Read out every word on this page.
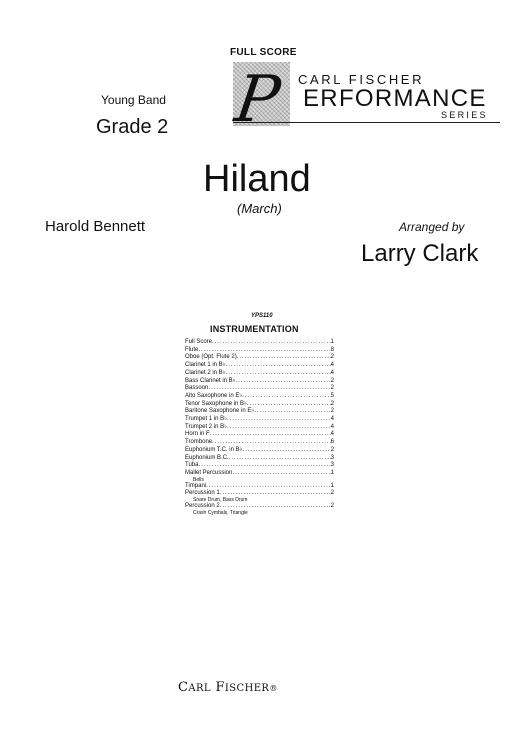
FULL SCORE
P CARL FISCHER
ERFORMANCE
SERIES
Young Band
Grade 2
Hiland
(March)
Harold Bennett	Arranged by
Larry Clark
YPS110
INSTRUMENTATION
Full Score .....	1
Flute .....	8
Oboe (Opt. Flute 2) .....	2
Clarinet 1 in B♭ .....	4
Clarinet 2 in B♭ .....	4
Bass Clarinet in B♭ .....	2
Bassoon .....	2
Alto Saxophone in E♭ .....	5
Tenor Saxophone in B♭ .....	2
Baritone Saxophone in E♭ .....	2
Trumpet 1 in B♭ .....	4
Trumpet 2 in B♭ .....	4
Horn in F .....	4
Trombone .....	6
Euphonium T.C. in B♭ .....	2
Euphonium B.C. .....	3
Tuba .....	3
Mallet Percussion .....	1
Bells
Timpani .....	1
Percussion 1 .....	2
Snare Drum, Bass Drum
Percussion 2 .....	2
Crash Cymbals, Triangle
CARL FISCHER®
